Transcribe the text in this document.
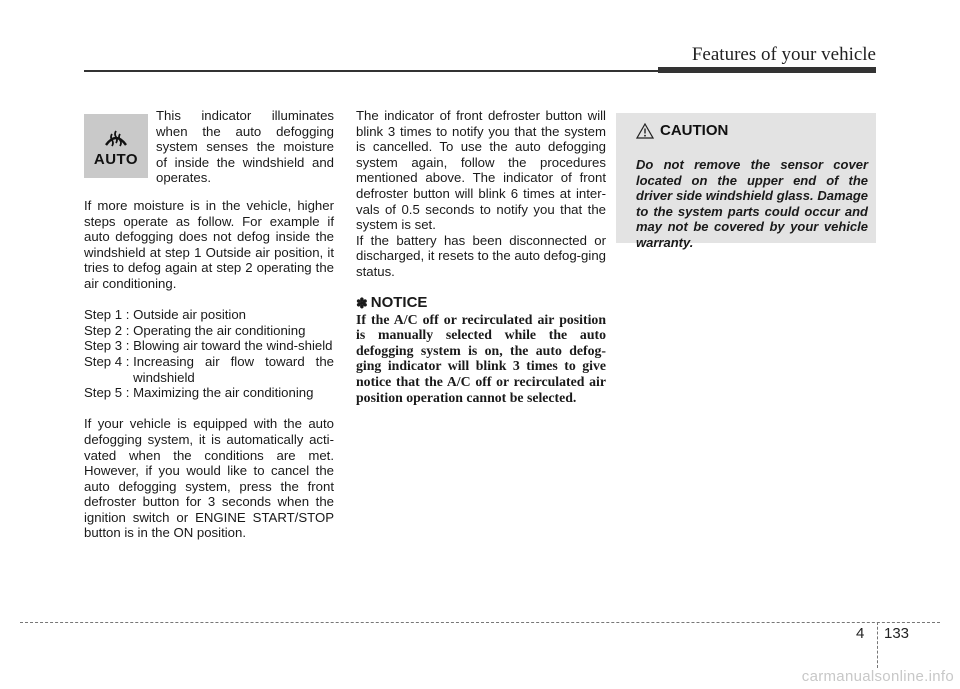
Features of your vehicle
AUTO

This indicator illuminates when the auto defogging system senses the moisture of inside the windshield and operates.

If more moisture is in the vehicle, higher steps operate as follow. For example if auto defogging does not defog inside the windshield at step 1 Outside air position, it tries to defog again at step 2 operating the air conditioning.

Step 1 : Outside air position
Step 2 : Operating the air conditioning
Step 3 : Blowing air toward the wind-shield
Step 4 : Increasing air flow toward the windshield
Step 5 : Maximizing the air conditioning

If your vehicle is equipped with the auto defogging system, it is automatically acti-vated when the conditions are met. However, if you would like to cancel the auto defogging system, press the front defroster button for 3 seconds when the ignition switch or ENGINE START/STOP button is in the ON position.

The indicator of front defroster button will blink 3 times to notify you that the system is cancelled. To use the auto defogging system again, follow the procedures mentioned above. The indicator of front defroster button will blink 6 times at inter-vals of 0.5 seconds to notify you that the system is set.

If the battery has been disconnected or discharged, it resets to the auto defog-ging status.

✽ NOTICE

If the A/C off or recirculated air position is manually selected while the auto defogging system is on, the auto defog-ging indicator will blink 3 times to give notice that the A/C off or recirculated air position operation cannot be selected.

CAUTION

Do not remove the sensor cover located on the upper end of the driver side windshield glass. Damage to the system parts could occur and may not be covered by your vehicle warranty.

4 133
carmanualsonline.info
